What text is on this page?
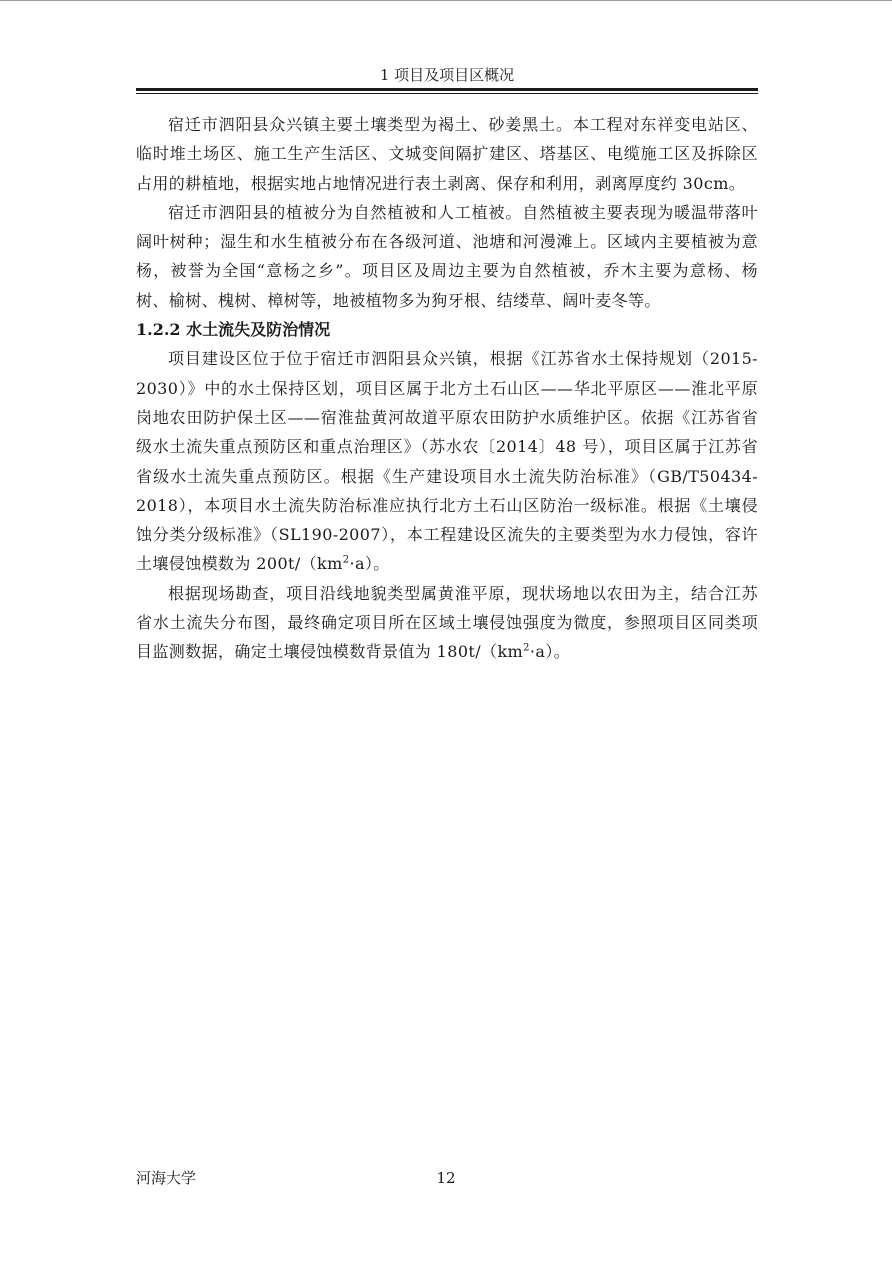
1 项目及项目区概况

宿迁市泗阳县众兴镇主要土壤类型为褐土、砂姜黑土。本工程对东祥变电站区、临时堆土场区、施工生产生活区、文城变间隔扩建区、塔基区、电缆施工区及拆除区占用的耕植地，根据实地占地情况进行表土剥离、保存和利用，剥离厚度约 30cm。

宿迁市泗阳县的植被分为自然植被和人工植被。自然植被主要表现为暖温带落叶阔叶树种；湿生和水生植被分布在各级河道、池塘和河漫滩上。区域内主要植被为意杨，被誉为全国“意杨之乡”。项目区及周边主要为自然植被，乔木主要为意杨、杨树、榆树、槐树、樟树等，地被植物多为狗牙根、结缕草、阔叶麦冬等。

1.2.2 水土流失及防治情况

项目建设区位于位于宿迁市泗阳县众兴镇，根据《江苏省水土保持规划（2015-2030）》中的水土保持区划，项目区属于北方土石山区——华北平原区——淮北平原岗地农田防护保土区——宿淮盐黄河故道平原农田防护水质维护区。依据《江苏省省级水土流失重点预防区和重点治理区》（苏水农〔2014〕48 号），项目区属于江苏省省级水土流失重点预防区。根据《生产建设项目水土流失防治标准》（GB/T50434-2018），本项目水土流失防治标准应执行北方土石山区防治一级标准。根据《土壤侵蚀分类分级标准》（SL190-2007），本工程建设区流失的主要类型为水力侵蚀，容许土壤侵蚀模数为 $200t/(km^2\cdot a)$。

根据现场勘查，项目沿线地貌类型属黄淮平原，现状场地以农田为主，结合江苏省水土流失分布图，最终确定项目所在区域土壤侵蚀强度为微度，参照项目区同类项目监测数据，确定土壤侵蚀模数背景值为 $180t/(km^2\cdot a)$。

河海大学	12
